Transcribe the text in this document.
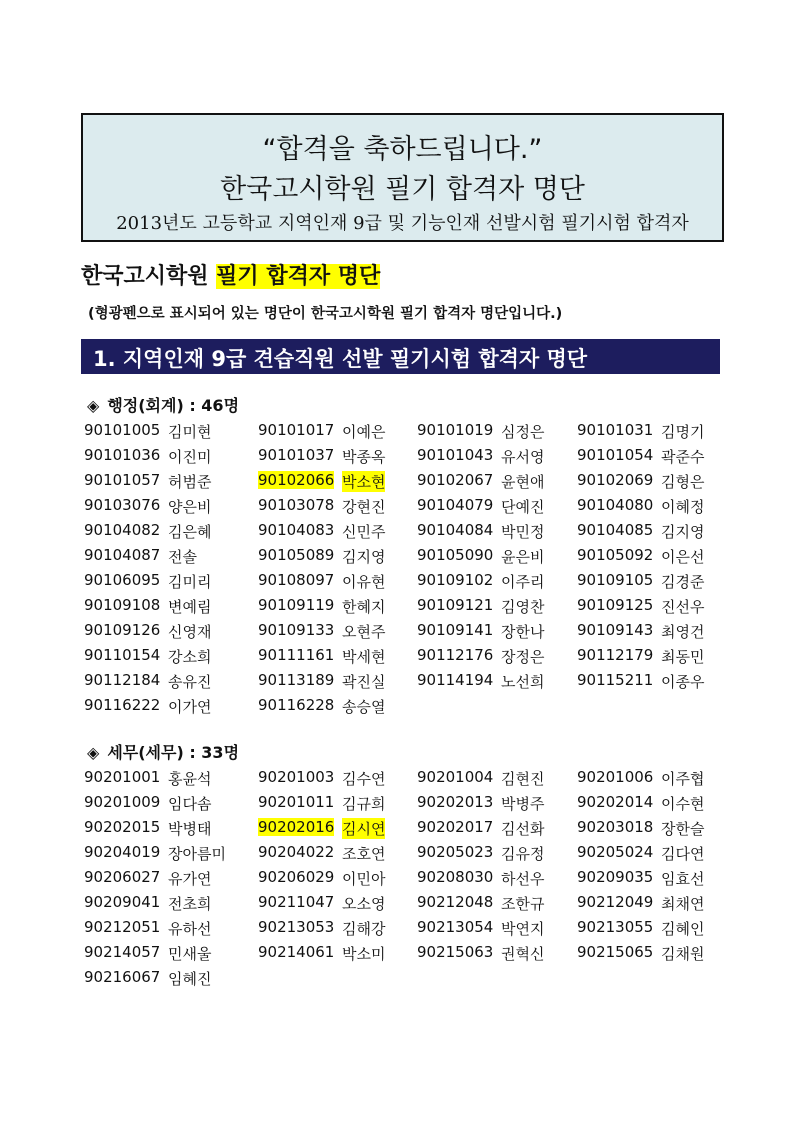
“합격을 축하드립니다.”
한국고시학원 필기 합격자 명단
2013년도 고등학교 지역인재 9급 및 기능인재 선발시험 필기시험 합격자
한국고시학원 필기 합격자 명단
(형광펜으로 표시되어 있는 명단이 한국고시학원 필기 합격자 명단입니다.)
1. 지역인재 9급 견습직원 선발 필기시험 합격자 명단
◈ 행정(회계) : 46명
90101005 김미현	90101017 이예은 90101019 심정은 90101031 김명기
90101036 이진미	90101037 박종옥 90101043 유서영 90101054 곽준수
90101057 허범준	90102066 박소현 90102067 윤현애 90102069 김형은
90103076 양은비	90103078 강현진 90104079 단예진 90104080 이혜정
90104082 김은혜	90104083 신민주 90104084 박민정 90104085 김지영
90104087 전솔	90105089 김지영 90105090 윤은비 90105092 이은선
90106095 김미리	90108097 이유현 90109102 이주리 90109105 김경준
90109108 변예림	90109119 한혜지 90109121 김영찬 90109125 진선우
90109126 신영재	90109133 오현주 90109141 장한나 90109143 최영건
90110154 강소희	90111161 박세현 90112176 장정은 90112179 최동민
90112184 송유진	90113189 곽진실 90114194 노선희 90115211 이종우
90116222 이가연	90116228 송승열
◈ 세무(세무) : 33명
90201001 홍윤석	90201003 김수연 90201004 김현진 90201006 이주협
90201009 임다솜	90201011 김규희 90202013 박병주 90202014 이수현
90202015 박병태	90202016 김시연 90202017 김선화 90203018 장한슬
90204019 장아름미 90204022 조호연 90205023 김유정 90205024 김다연
90206027 유가연	90206029 이민아 90208030 하선우 90209035 임효선
90209041 전초희	90211047 오소영 90212048 조한규 90212049 최채연
90212051 유하선	90213053 김해강 90213054 박연지 90213055 김혜인
90214057 민새울	90214061 박소미 90215063 권혁신 90215065 김채원
90216067 임혜진
